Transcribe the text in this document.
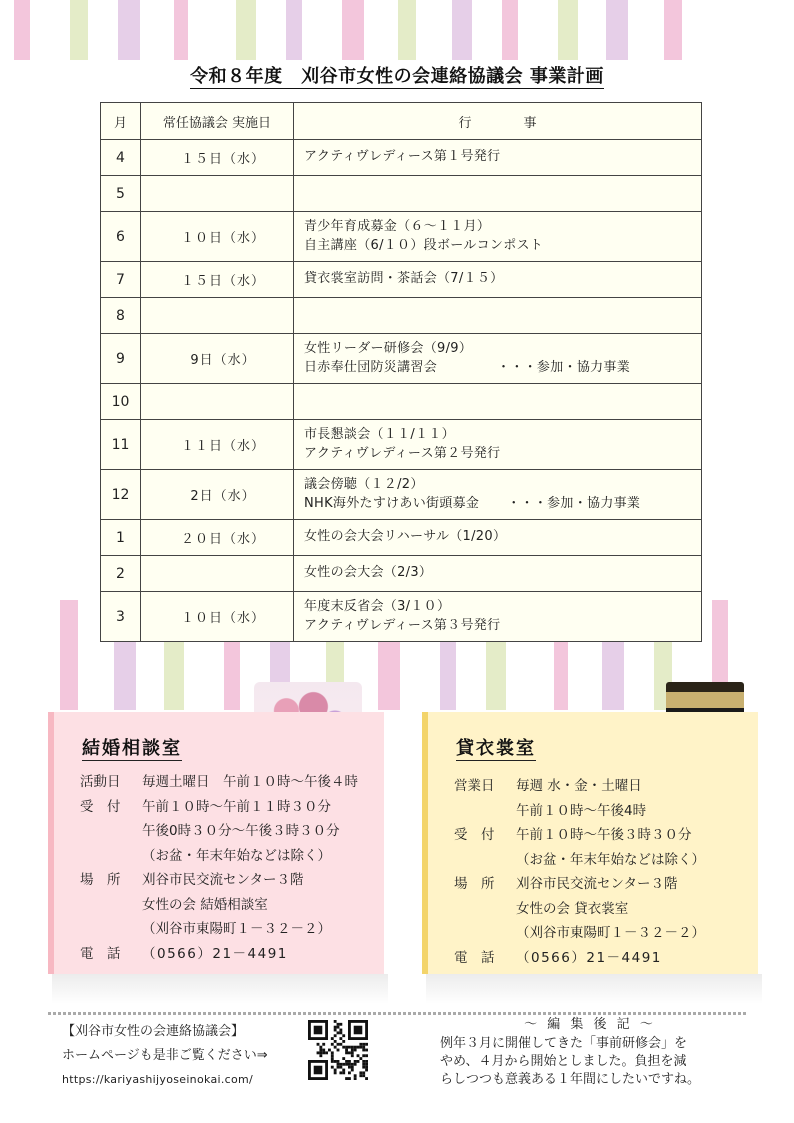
令和８年度　刈谷市女性の会連絡協議会 事業計画
月	常任協議会 実施日	行　　　　事
4	１５日（水）	アクティヴレディース第１号発行

5		
6	１０日（水）	青少年育成募金（６～１１月）
自主講座（6/１０）段ボールコンポスト

7	１５日（水）	貸衣裳室訪問・茶話会（7/１５）

8		
9	9日（水）	女性リーダー研修会（9/9）
日赤奉仕団防災講習会 ・・・参加・協力事業

10		
11	１１日（水）	市長懇談会（１１/１１）
アクティヴレディース第２号発行

12	2日（水）	議会傍聴（１２/2）
NHK海外たすけあい街頭募金 ・・・参加・協力事業

1	２０日（水）	女性の会大会リハーサル（1/20）

2		女性の会大会（2/3）

3	１０日（水）	年度末反省会（3/１０）
アクティヴレディース第３号発行
結婚相談室
活動日	毎週土曜日　午前１０時～午後４時
受　付	午前１０時～午前１１時３０分
午後0時３０分～午後３時３０分
（お盆・年末年始などは除く）
場　所	刈谷市民交流センター３階
女性の会 結婚相談室
（刈谷市東陽町１－３２－２）
電　話	（0566）21－4491
貸衣裳室
営業日	毎週 水・金・土曜日
午前１０時～午後4時
受　付	午前１０時～午後３時３０分
（お盆・年末年始などは除く）
場　所	刈谷市民交流センター３階
女性の会 貸衣裳室
（刈谷市東陽町１－３２－２）
電　話	（0566）21－4491
【刈谷市女性の会連絡協議会】
ホームページも是非ご覧ください⇒
https://kariyashijyoseinokai.com/
～ 編 集 後 記 ～
例年３月に開催してきた「事前研修会」を
やめ、４月から開始としました。負担を減
らしつつも意義ある１年間にしたいですね。
